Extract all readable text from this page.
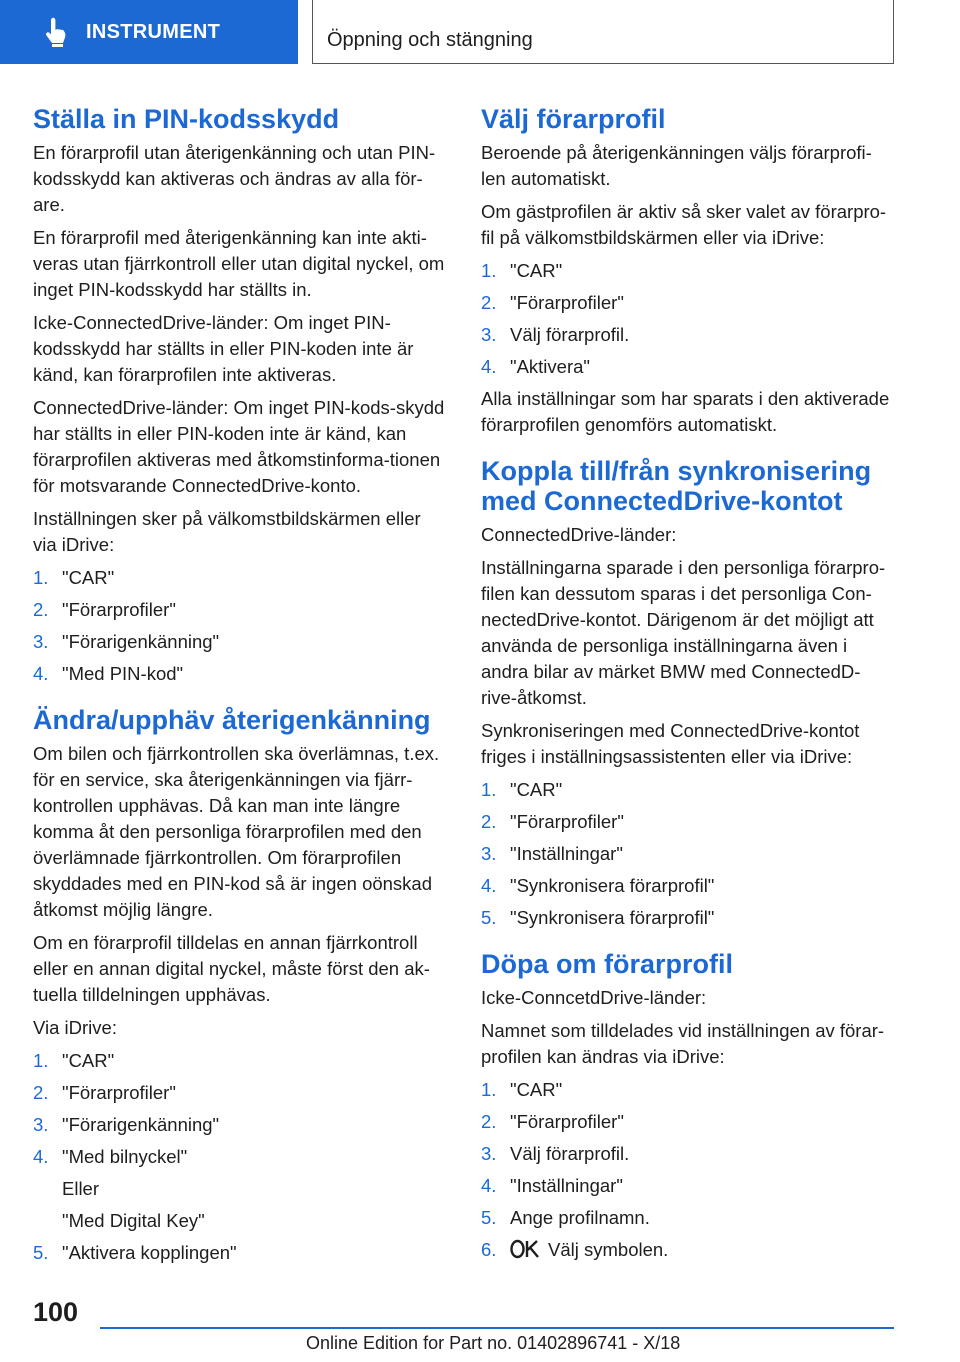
INSTRUMENT	Öppning och stängning
Ställa in PIN-kodsskydd

En förarprofil utan återigenkänning och utan PIN-kodsskydd kan aktiveras och ändras av alla för-are.

En förarprofil med återigenkänning kan inte akti-veras utan fjärrkontroll eller utan digital nyckel, om inget PIN-kodsskydd har ställts in.

Icke-ConnectedDrive-länder: Om inget PIN-kodsskydd har ställts in eller PIN-koden inte är känd, kan förarprofilen inte aktiveras.

ConnectedDrive-länder: Om inget PIN-kods-skydd har ställts in eller PIN-koden inte är känd, kan förarprofilen aktiveras med åtkomstinforma-tionen för motsvarande ConnectedDrive-konto.

Inställningen sker på välkomstbildskärmen eller via iDrive:

1. "CAR"
2. "Förarprofiler"
3. "Förarigenkänning"
4. "Med PIN-kod"
Ändra/upphäv återigenkänning

Om bilen och fjärrkontrollen ska överlämnas, t.ex. för en service, ska återigenkänningen via fjärr-kontrollen upphävas. Då kan man inte längre komma åt den personliga förarprofilen med den överlämnade fjärrkontrollen. Om förarprofilen skyddades med en PIN-kod så är ingen oönskad åtkomst möjlig längre.

Om en förarprofil tilldelas en annan fjärrkontroll eller en annan digital nyckel, måste först den ak-tuella tilldelningen upphävas.

Via iDrive:

1. "CAR"
2. "Förarprofiler"
3. "Förarigenkänning"
4. "Med bilnyckel"
Eller
"Med Digital Key"
5. "Aktivera kopplingen"
Välj förarprofil

Beroende på återigenkänningen väljs förarprofi-len automatiskt.

Om gästprofilen är aktiv så sker valet av förarpro-fil på välkomstbildskärmen eller via iDrive:

1. "CAR"
2. "Förarprofiler"
3. Välj förarprofil.
4. "Aktivera"

Alla inställningar som har sparats i den aktiverade förarprofilen genomförs automatiskt.

Koppla till/från synkronisering med ConnectedDrive-kontot

ConnectedDrive-länder:

Inställningarna sparade i den personliga förarpro-filen kan dessutom sparas i det personliga Con-nectedDrive-kontot. Därigenom är det möjligt att använda de personliga inställningarna även i andra bilar av märket BMW med ConnectedD-rive-åtkomst.

Synkroniseringen med ConnectedDrive-kontot friges i inställningsassistenten eller via iDrive:

1. "CAR"
2. "Förarprofiler"
3. "Inställningar"
4. "Synkronisera förarprofil"
5. "Synkronisera förarprofil"
Döpa om förarprofil

Icke-ConncetdDrive-länder:

Namnet som tilldelades vid inställningen av förar-profilen kan ändras via iDrive:

1. "CAR"
2. "Förarprofiler"
3. Välj förarprofil.
4. "Inställningar"
5. Ange profilnamn.
6.	Välj symbolen.
100
Online Edition for Part no. 01402896741 - X/18
